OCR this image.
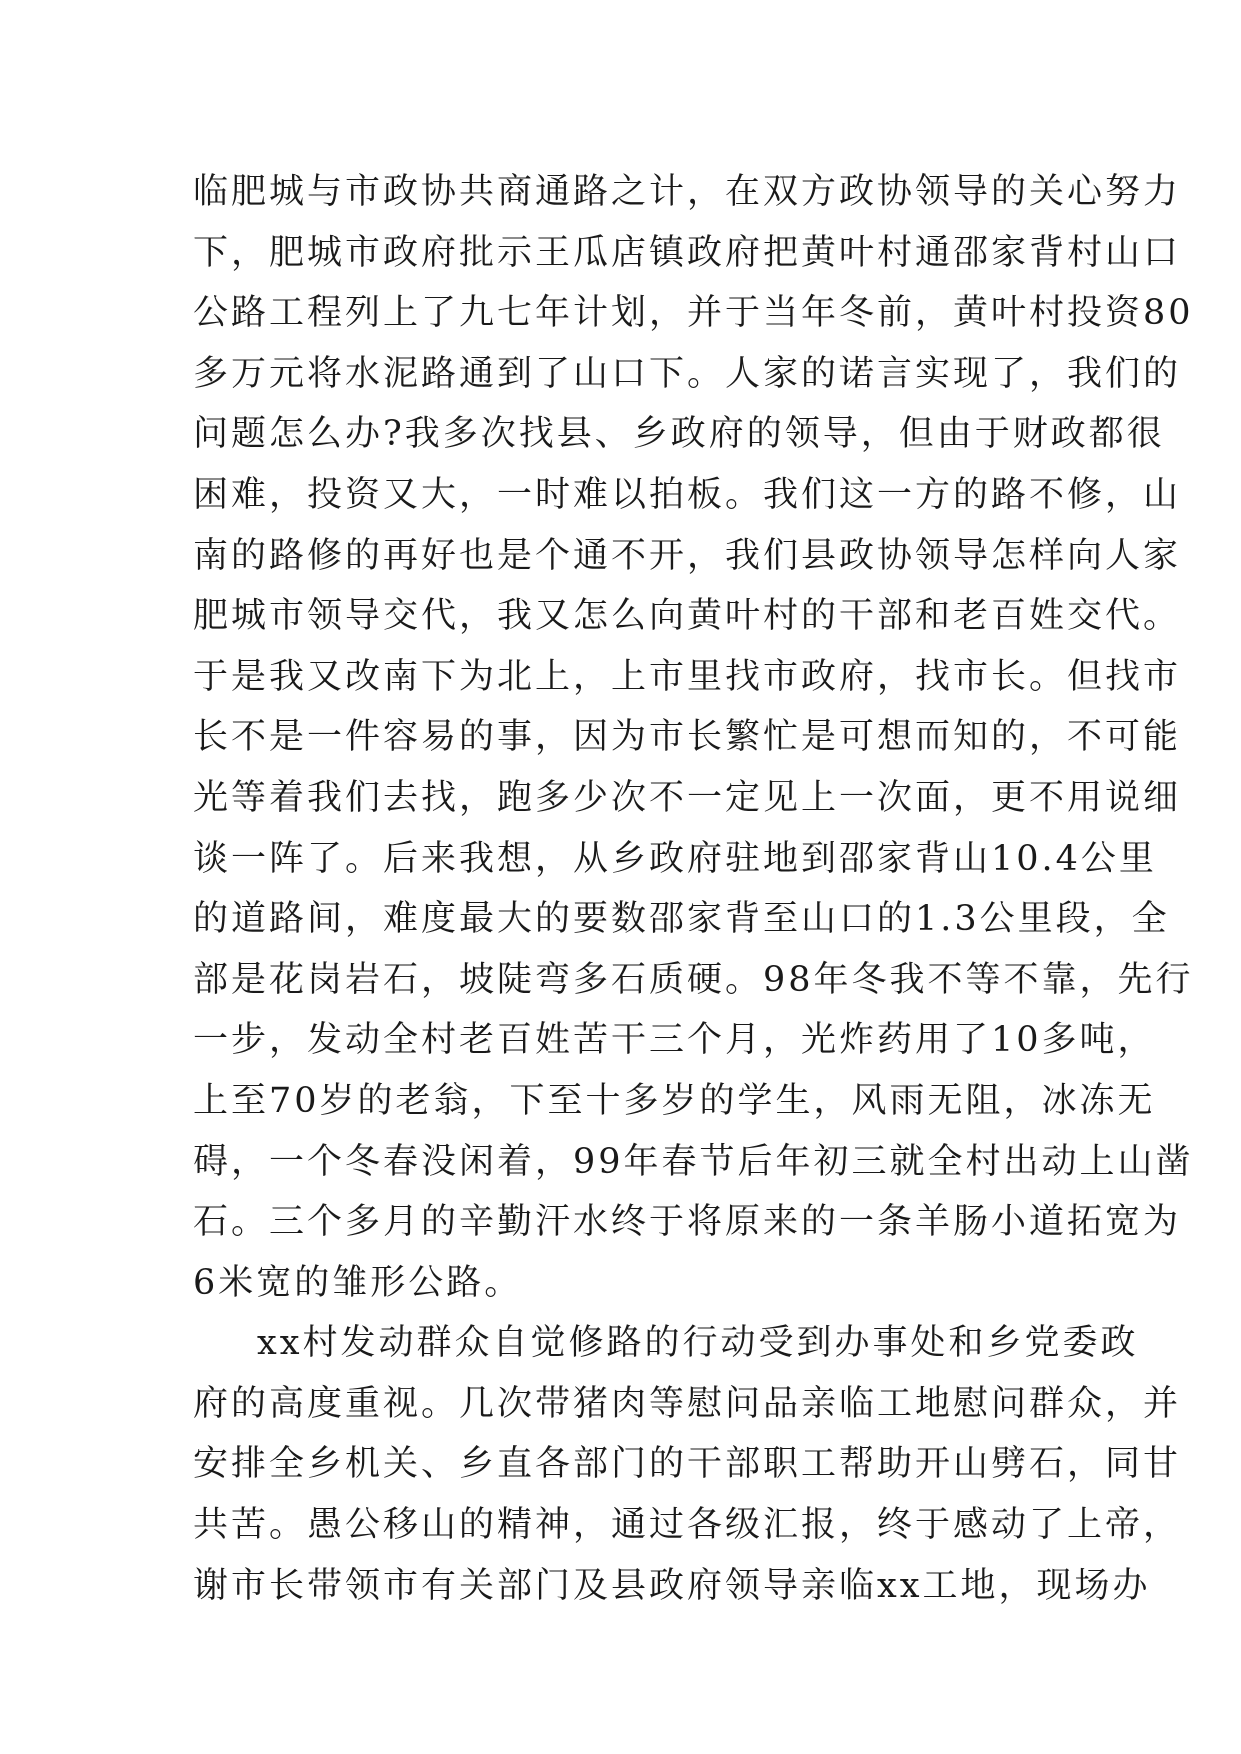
临肥城与市政协共商通路之计，在双方政协领导的关心努力
下，肥城市政府批示王瓜店镇政府把黄叶村通邵家背村山口
公路工程列上了九七年计划，并于当年冬前，黄叶村投资80
多万元将水泥路通到了山口下。人家的诺言实现了，我们的
问题怎么办?我多次找县、乡政府的领导，但由于财政都很
困难，投资又大，一时难以拍板。我们这一方的路不修，山
南的路修的再好也是个通不开，我们县政协领导怎样向人家
肥城市领导交代，我又怎么向黄叶村的干部和老百姓交代。
于是我又改南下为北上，上市里找市政府，找市长。但找市
长不是一件容易的事，因为市长繁忙是可想而知的，不可能
光等着我们去找，跑多少次不一定见上一次面，更不用说细
谈一阵了。后来我想，从乡政府驻地到邵家背山10.4公里
的道路间，难度最大的要数邵家背至山口的1.3公里段，全
部是花岗岩石，坡陡弯多石质硬。98年冬我不等不靠，先行
一步，发动全村老百姓苦干三个月，光炸药用了10多吨，
上至70岁的老翁，下至十多岁的学生，风雨无阻，冰冻无
碍，一个冬春没闲着，99年春节后年初三就全村出动上山凿
石。三个多月的辛勤汗水终于将原来的一条羊肠小道拓宽为
6米宽的雏形公路。
xx村发动群众自觉修路的行动受到办事处和乡党委政
府的高度重视。几次带猪肉等慰问品亲临工地慰问群众，并
安排全乡机关、乡直各部门的干部职工帮助开山劈石，同甘
共苦。愚公移山的精神，通过各级汇报，终于感动了上帝，
谢市长带领市有关部门及县政府领导亲临xx工地，现场办
